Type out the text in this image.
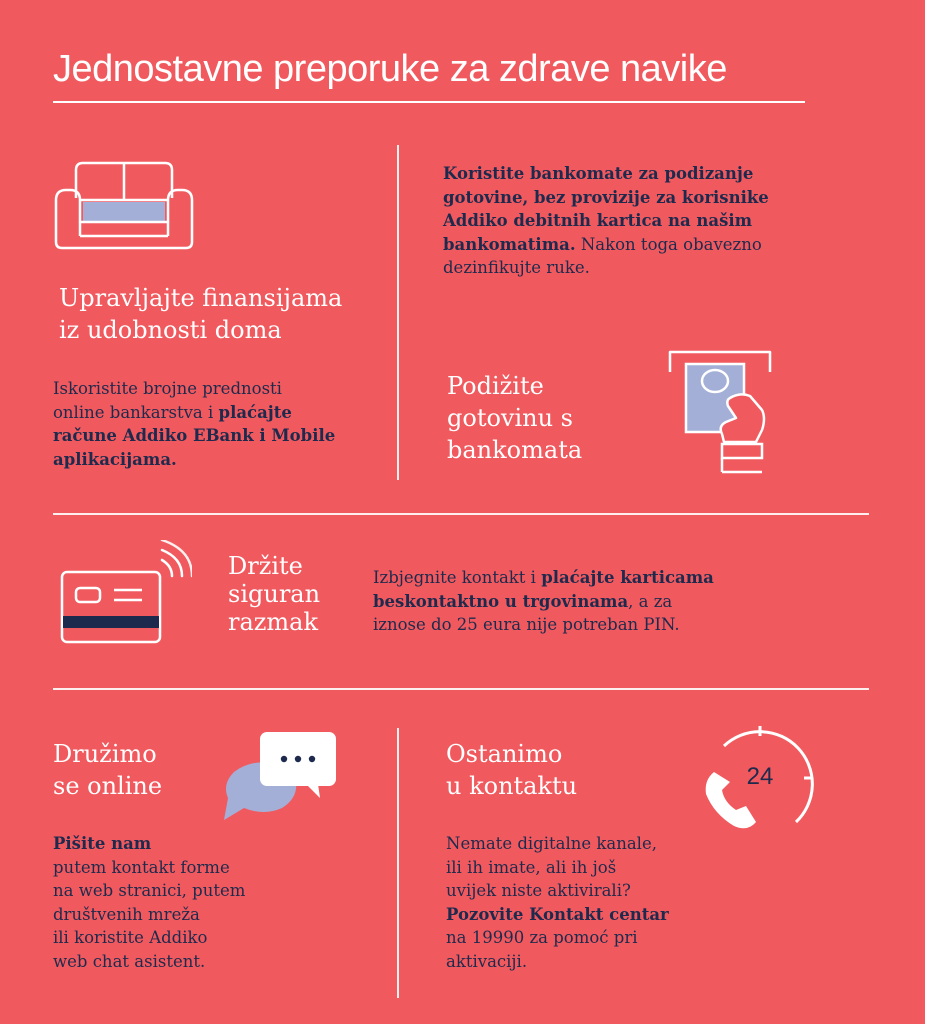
Jednostavne preporuke za zdrave navike
Upravljajte finansijama
iz udobnosti doma
Iskoristite brojne prednosti
online bankarstva i plaćajte
račune Addiko EBank i Mobile
aplikacijama.
Koristite bankomate za podizanje
gotovine, bez provizije za korisnike
Addiko debitnih kartica na našim
bankomatima. Nakon toga obavezno
dezinfikujte ruke.
Podižite
gotovinu s
bankomata
Držite
siguran
razmak
Izbjegnite kontakt i plaćajte karticama
beskontaktno u trgovinama, a za
iznose do 25 eura nije potreban PIN.
Družimo
se online
Pišite nam
putem kontakt forme
na web stranici, putem
društvenih mreža
ili koristite Addiko
web chat asistent.
Ostanimo
u kontaktu	24
Nemate digitalne kanale,
ili ih imate, ali ih još
uvijek niste aktivirali?
Pozovite Kontakt centar
na 19990 za pomoć pri
aktivaciji.
